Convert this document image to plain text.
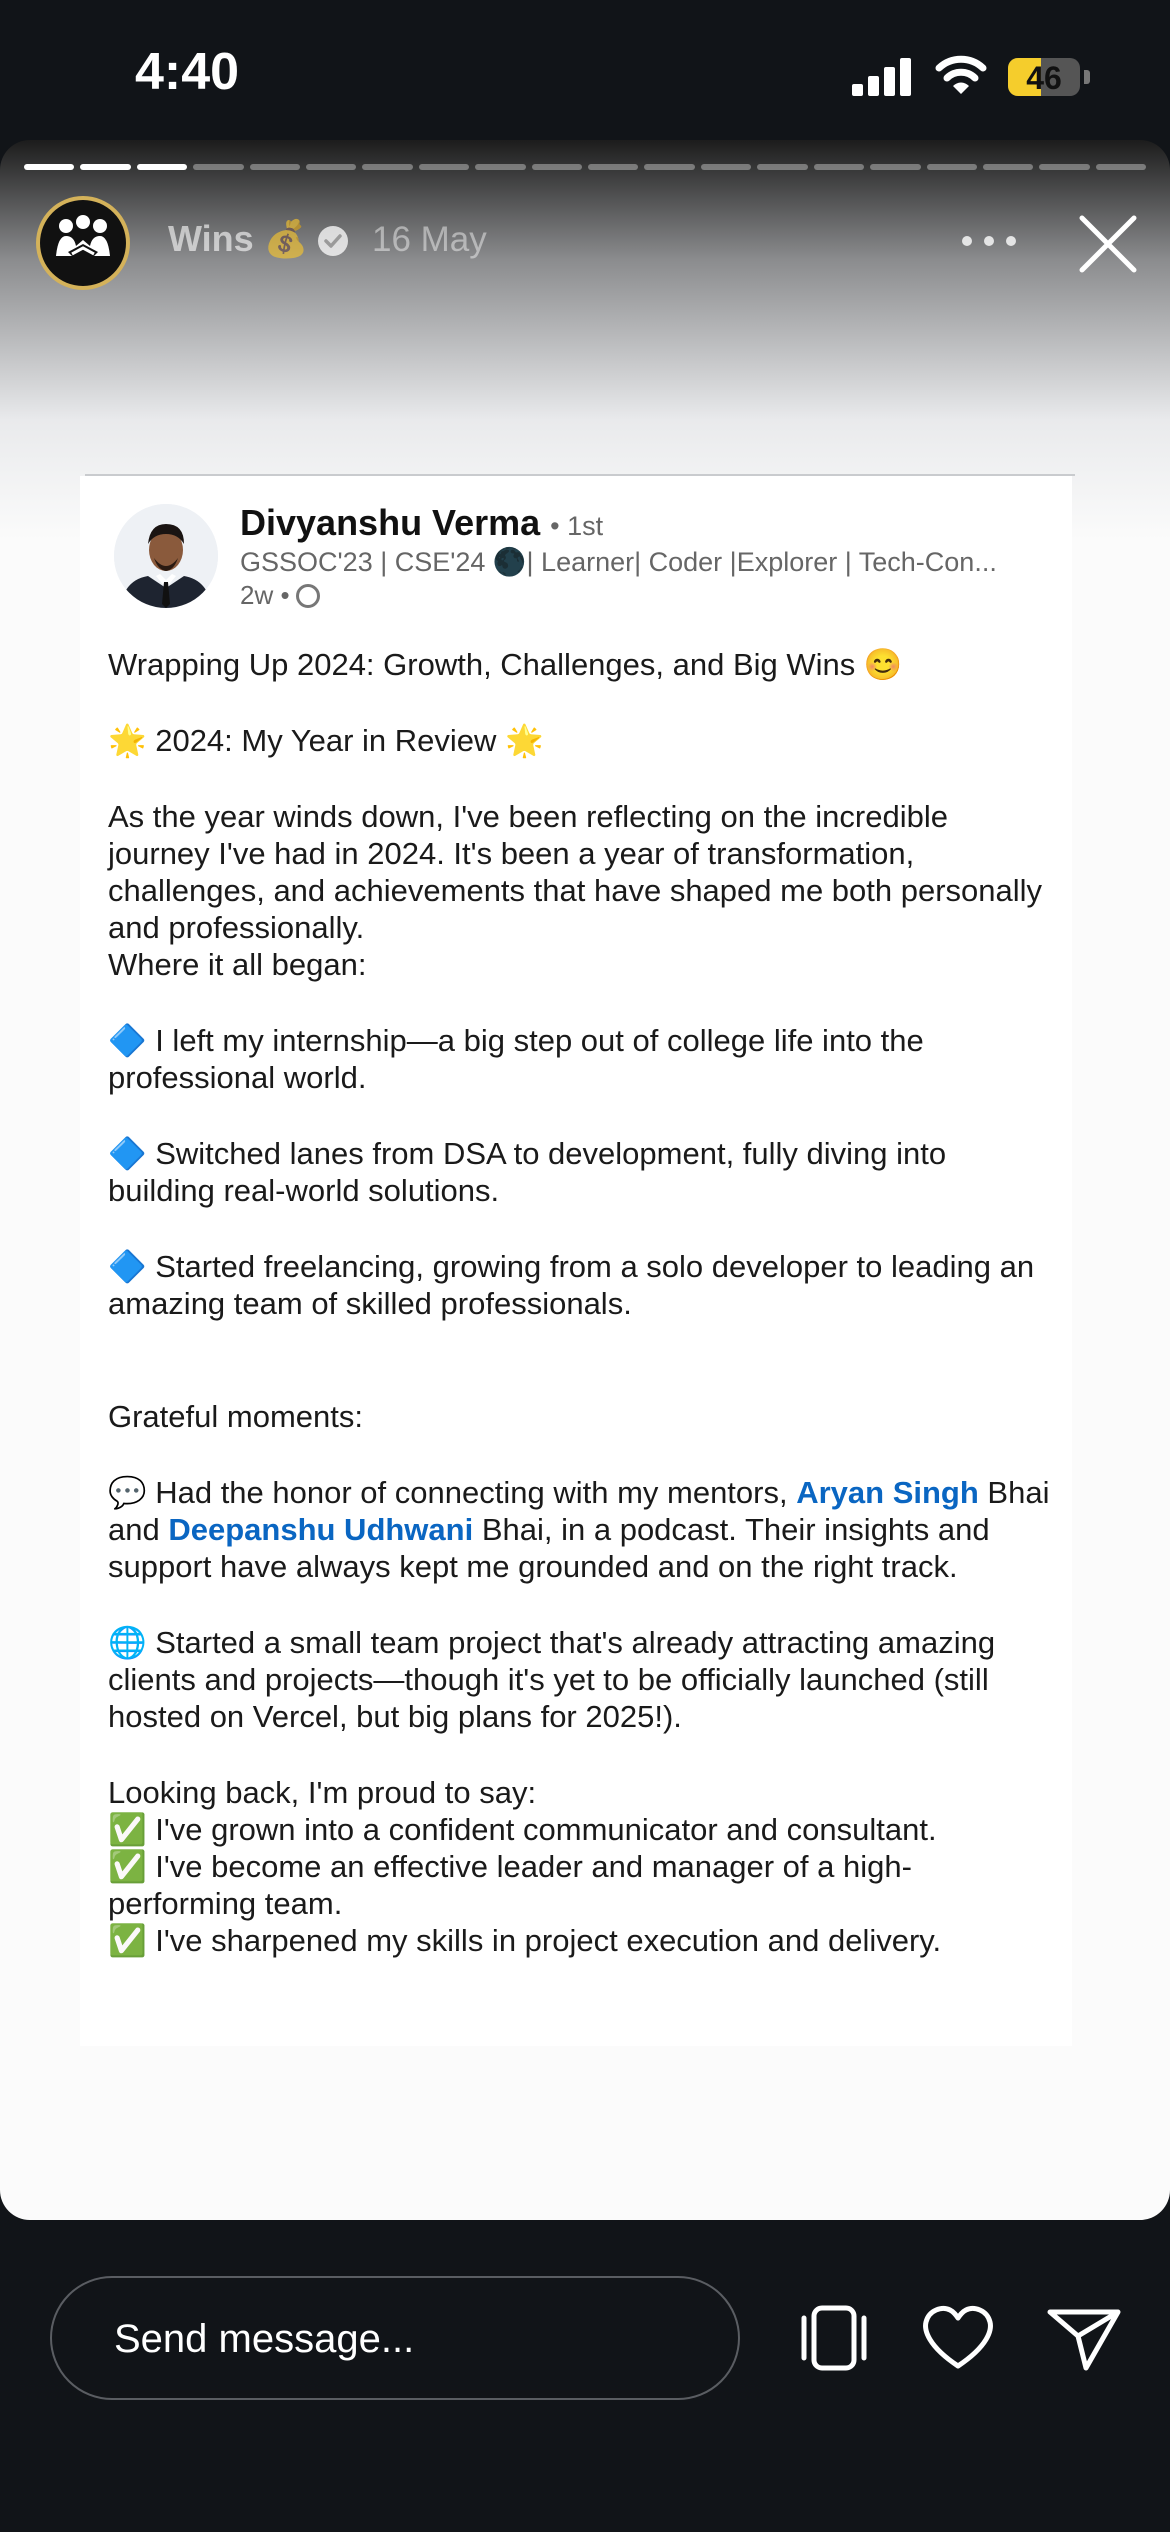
4:40	46
Wins 💰 16 May
Divyanshu Verma • 1st
GSSOC'23 | CSE'24 🌑| Learner| Coder |Explorer | Tech-Con...
2w •

Wrapping Up 2024: Growth, Challenges, and Big Wins 😊

🌟 2024: My Year in Review 🌟

As the year winds down, I've been reflecting on the incredible journey I've had in 2024. It's been a year of transformation, challenges, and achievements that have shaped me both personally and professionally.

Where it all began:

🔷 I left my internship—a big step out of college life into the professional world.

🔷 Switched lanes from DSA to development, fully diving into building real-world solutions.

🔷 Started freelancing, growing from a solo developer to leading an amazing team of skilled professionals.

Grateful moments:

💬 Had the honor of connecting with my mentors, Aryan Singh Bhai and Deepanshu Udhwani Bhai, in a podcast. Their insights and support have always kept me grounded and on the right track.

🌐 Started a small team project that's already attracting amazing clients and projects—though it's yet to be officially launched (still hosted on Vercel, but big plans for 2025!).

Looking back, I'm proud to say:

✅ I've grown into a confident communicator and consultant.

✅ I've become an effective leader and manager of a high-performing team.

✅ I've sharpened my skills in project execution and delivery.

Send message...
